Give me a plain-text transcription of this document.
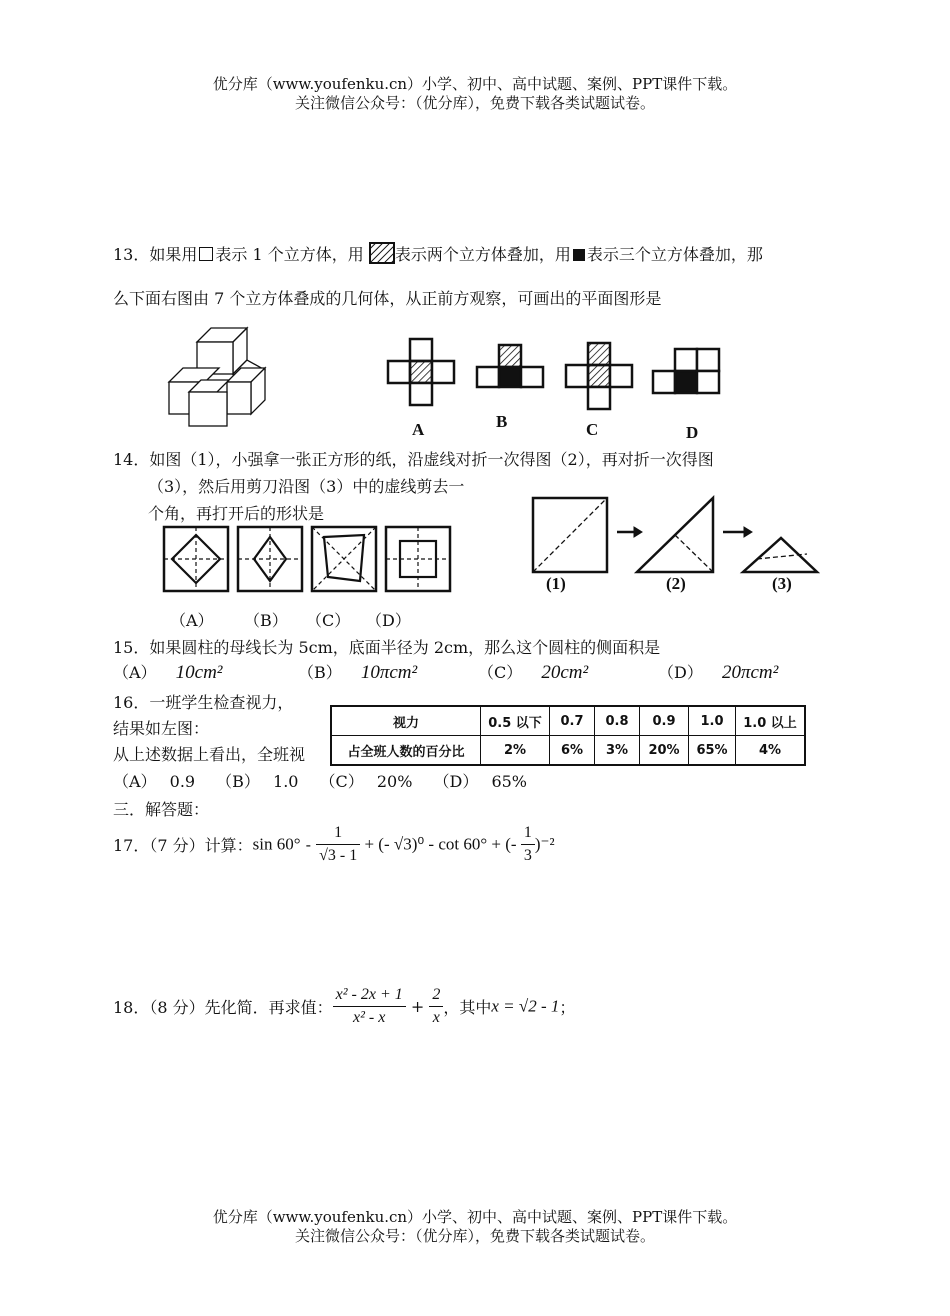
优分库（www.youfenku.cn）小学、初中、高中试题、案例、PPT课件下载。
关注微信公众号：（优分库），免费下载各类试题试卷。
13．如果用 表示 1 个立方体，用 表示两个立方体叠加，用 表示三个立方体叠加，那
么下面右图由 7 个立方体叠成的几何体，从正前方观察，可画出的平面图形是
A	B	C	D
14．如图（1），小强拿一张正方形的纸，沿虚线对折一次得图（2），再对折一次得图
（3），然后用剪刀沿图（3）中的虚线剪去一
个角，再打开后的形状是
(1)	(2)	(3)
（A） （B） （C） （D）
15．如果圆柱的母线长为 5cm，底面半径为 2cm，那么这个圆柱的侧面积是
（A） 10cm²	（B） 10πcm²	（C） 20cm²	（D） 20πcm²
16．一班学生检查视力，
结果如左图：
从上述数据上看出，全班视
视力	0.5 以下	0.7	0.8	0.9	1.0	1.0 以上
占全班人数的百分比	2%	6%	3%	20%	65%	4%
（A）　 0.9　 （B）　 1.0　 （C）　 20%　 （D）　 65%
三．解答题：
17．（7 分）计算：$\sin 60^\circ - \frac{1}{√3 - 1}$ + (- √3)⁰ - cot 60° + (- $\frac{1}{3} )^{-2}$
18．（8 分）先化简．再求值： $\frac{\text{x² - 2x + 1}}{\text{x² - x}} + \frac{2}{x}$ ，其中x = √2 - 1；
优分库（www.youfenku.cn）小学、初中、高中试题、案例、PPT课件下载。
关注微信公众号：（优分库），免费下载各类试题试卷。
